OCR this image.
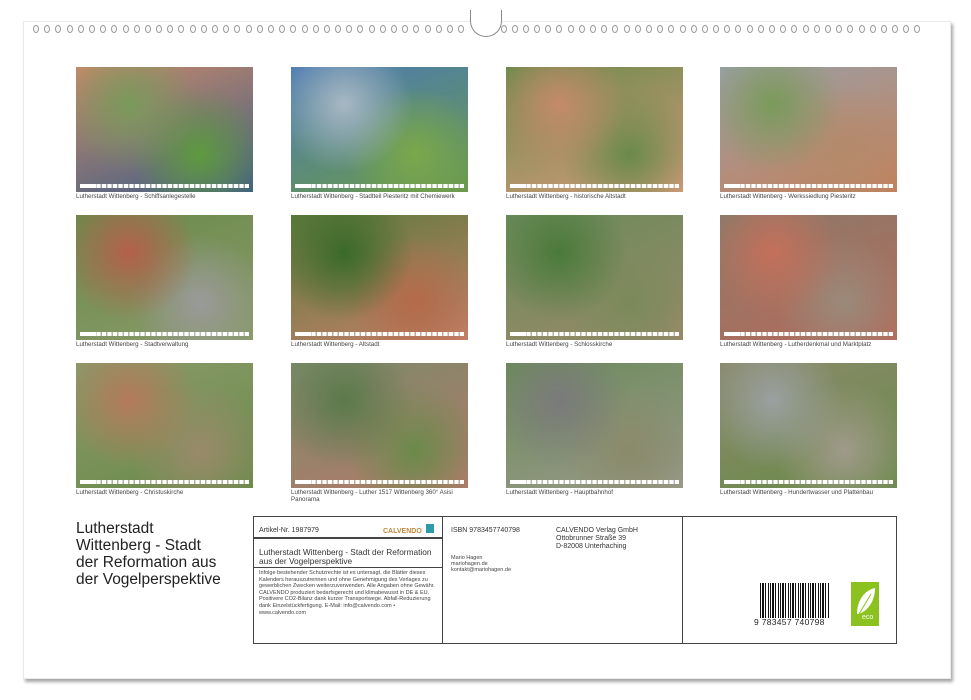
Lutherstadt Wittenberg - Schiffsanlegestelle	Lutherstadt Wittenberg - Stadtteil Piesteritz mit Chemiewerk	Lutherstadt Wittenberg - historische Altstadt	Lutherstadt Wittenberg - Werkssiedlung Piesteritz
Lutherstadt Wittenberg - Stadtverwaltung	Lutherstadt Wittenberg - Altstadt	Lutherstadt Wittenberg - Schlosskirche	Lutherstadt Wittenberg - Lutherdenkmal und Marktplatz
Lutherstadt Wittenberg - Christuskirche	Lutherstadt Wittenberg - Luther 1517 Wittenberg 360° Asisi Panorama
Lutherstadt Wittenberg - Hauptbahnhof	Lutherstadt Wittenberg - Hundertwasser und Plattenbau
Lutherstadt
Wittenberg - Stadt
der Reformation aus
der Vogelperspektive
Artikel-Nr. 1987979	CALVENDO
Lutherstadt Wittenberg - Stadt der Reformation aus der Vogelperspektive
Infolge bestehender Schutzrechte ist es untersagt, die Blätter dieses Kalenders herauszutrennen und ohne Genehmigung des Verlages zu gewerblichen Zwecken weiterzuverwenden. Alle Angaben ohne Gewähr. CALVENDO produziert bedarfsgerecht und klimabewusst in DE & EU. Positivere CO2-Bilanz dank kurzer Transportwege. Abfall-Reduzierung dank Einzelstückfertigung. E-Mail: info@calvendo.com • www.calvendo.com
ISBN 9783457740798
Mario Hagen
mariohagen.de
kontakt@mariohagen.de
CALVENDO Verlag GmbH
Ottobrunner Straße 39
D-82008 Unterhaching
9 783457 740798	eco
